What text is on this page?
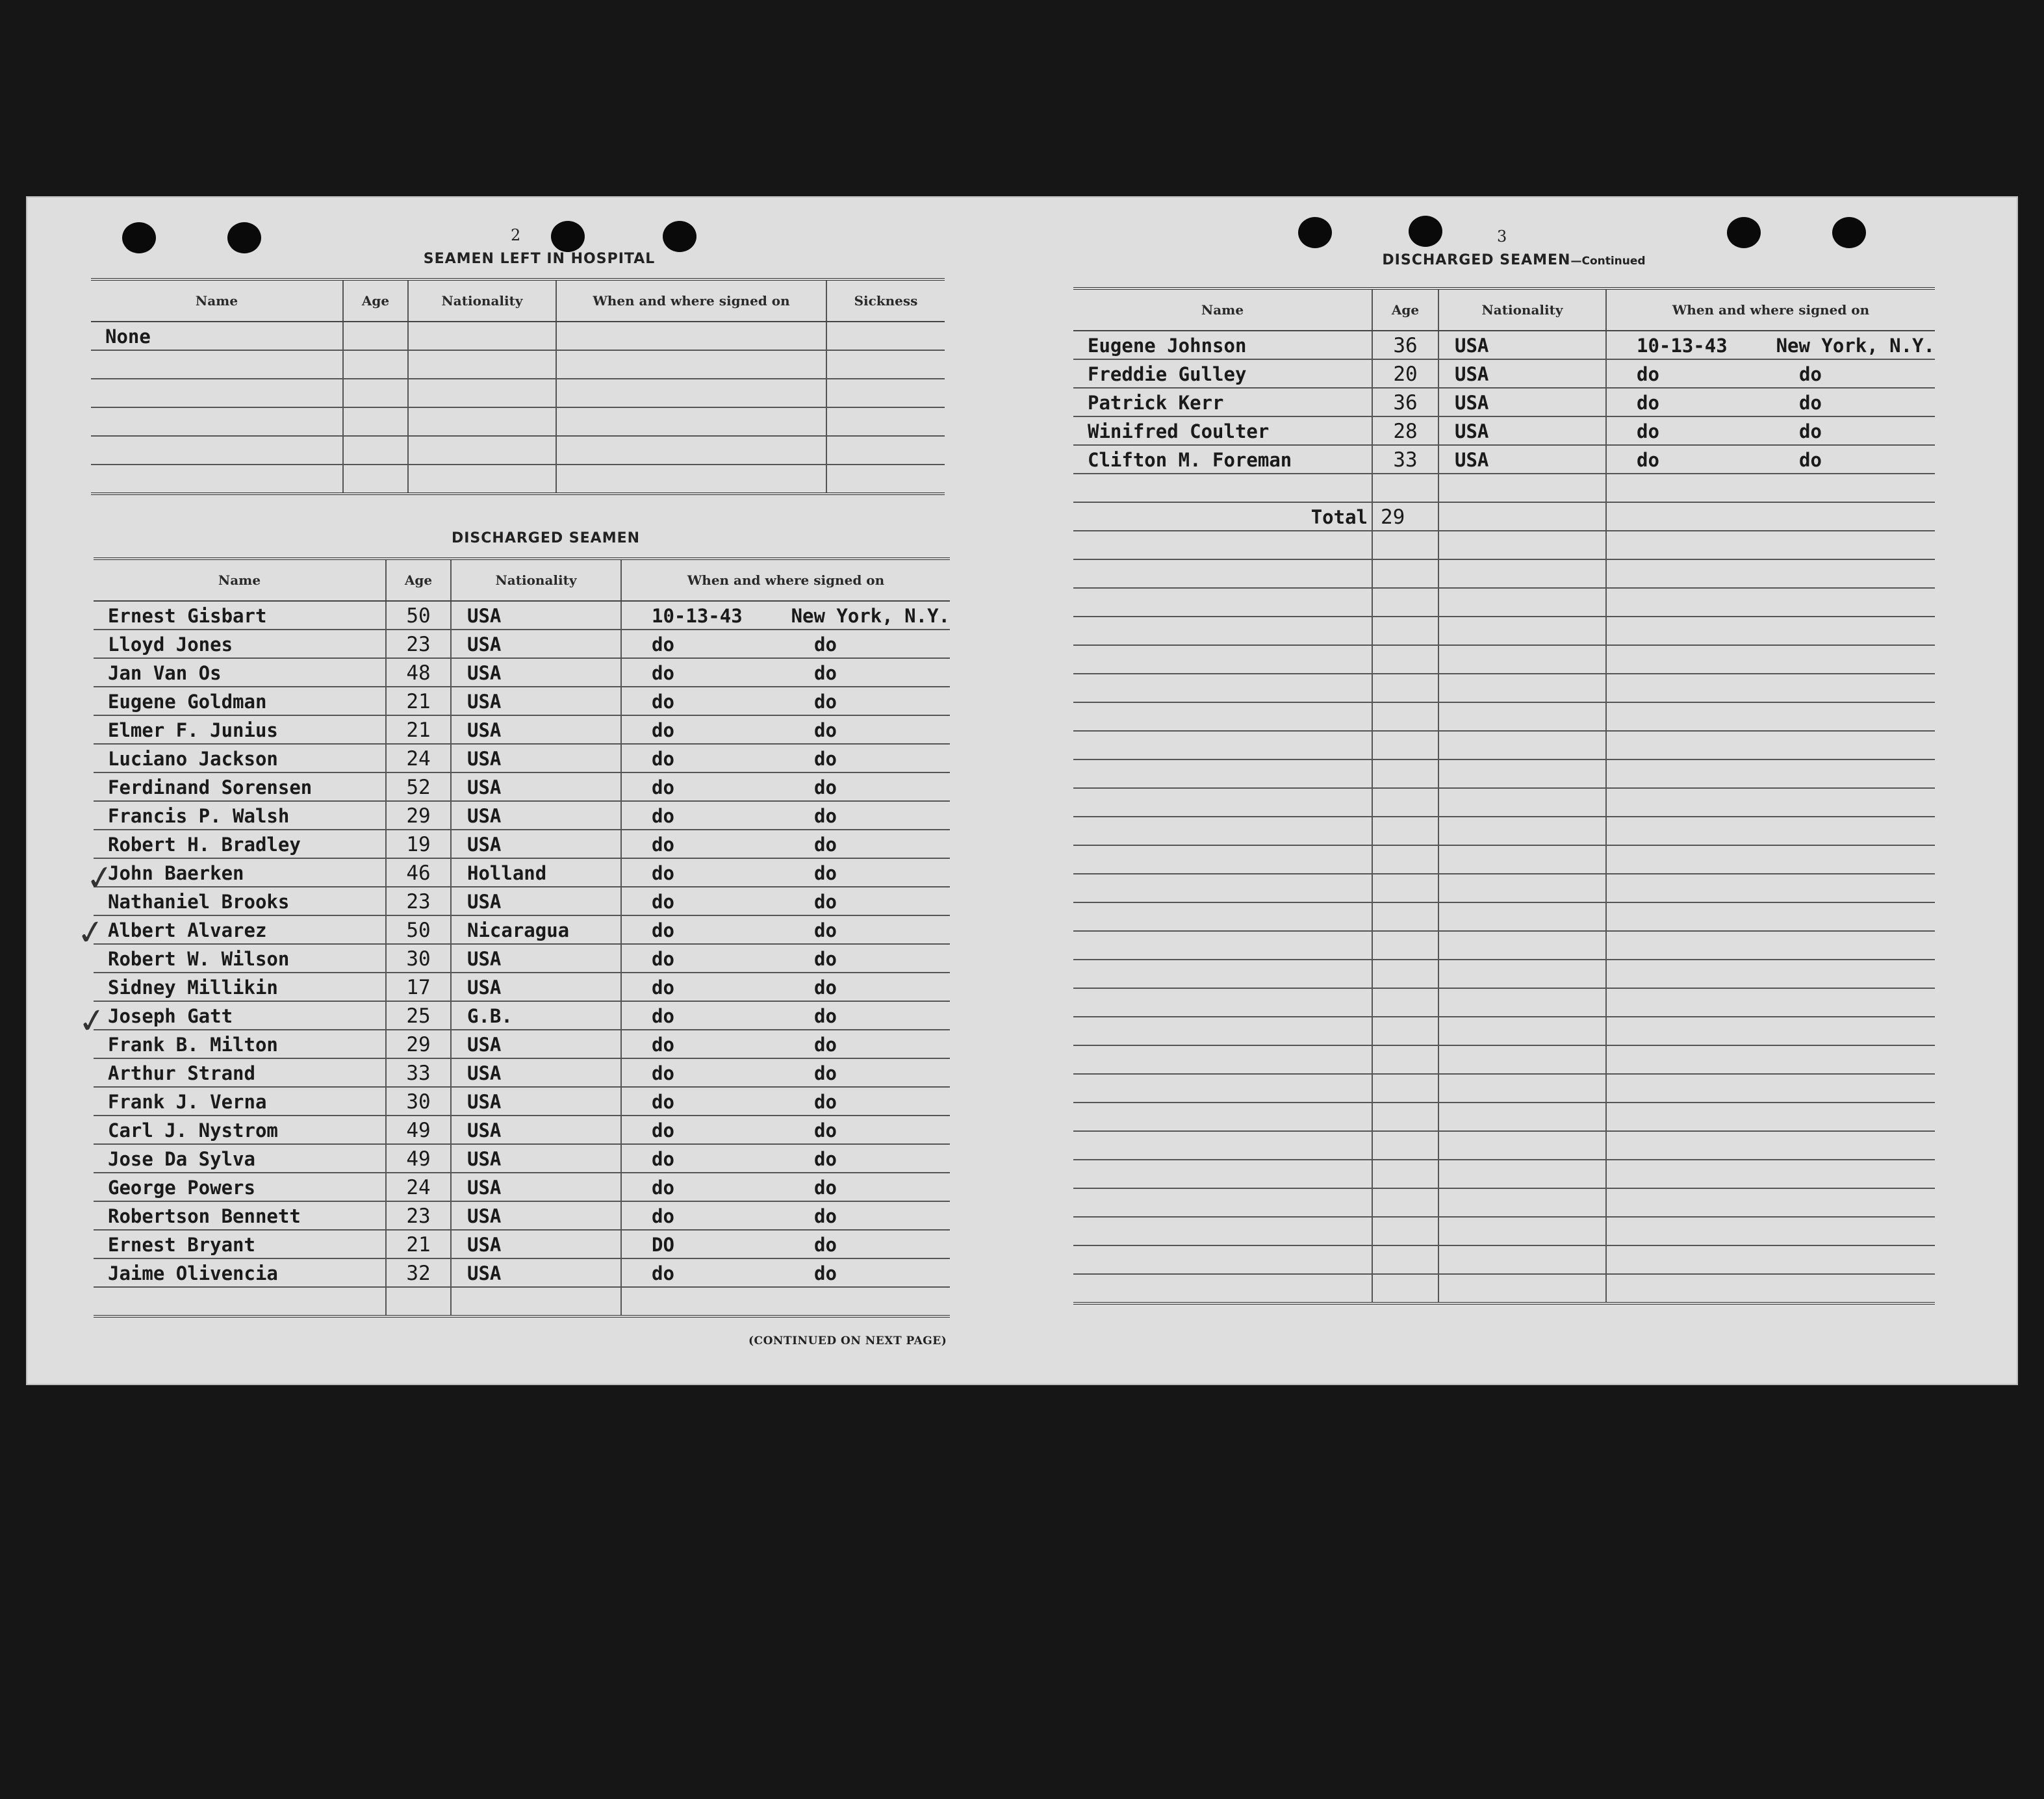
2
SEAMEN LEFT IN HOSPITAL
Name	Age	Nationality	When and where signed on	Sickness
None				

DISCHARGED SEAMEN
Name	Age	Nationality	When and where signed on
Ernest Gisbart	50	USA	10-13-43 New York, N.Y.

Lloyd Jones	23	USA	do do

Jan Van Os	48	USA	do do

Eugene Goldman	21	USA	do do

Elmer F. Junius	21	USA	do do

Luciano Jackson	24	USA	do do

Ferdinand Sorensen	52	USA	do do

Francis P. Walsh	29	USA	do do

Robert H. Bradley	19	USA	do do

John Baerken	46	Holland	do do

Nathaniel Brooks	23	USA	do do

Albert Alvarez	50	Nicaragua	do do

Robert W. Wilson	30	USA	do do

Sidney Millikin	17	USA	do do

Joseph Gatt	25	G.B.	do do

Frank B. Milton	29	USA	do do

Arthur Strand	33	USA	do do

Frank J. Verna	30	USA	do do

Carl J. Nystrom	49	USA	do do

Jose Da Sylva	49	USA	do do

George Powers	24	USA	do do

Robertson Bennett	23	USA	do do

Ernest Bryant	21	USA	DO do

Jaime Olivencia	32	USA	do do

(CONTINUED ON NEXT PAGE)
✓
✓
✓
3
DISCHARGED SEAMEN—Continued
Name	Age	Nationality	When and where signed on
Eugene Johnson	36	USA	10-13-43 New York, N.Y.

Freddie Gulley	20	USA	do do

Patrick Kerr	36	USA	do do

Winifred Coulter	28	USA	do do

Clifton M. Foreman	33	USA	do do

Total	29		
